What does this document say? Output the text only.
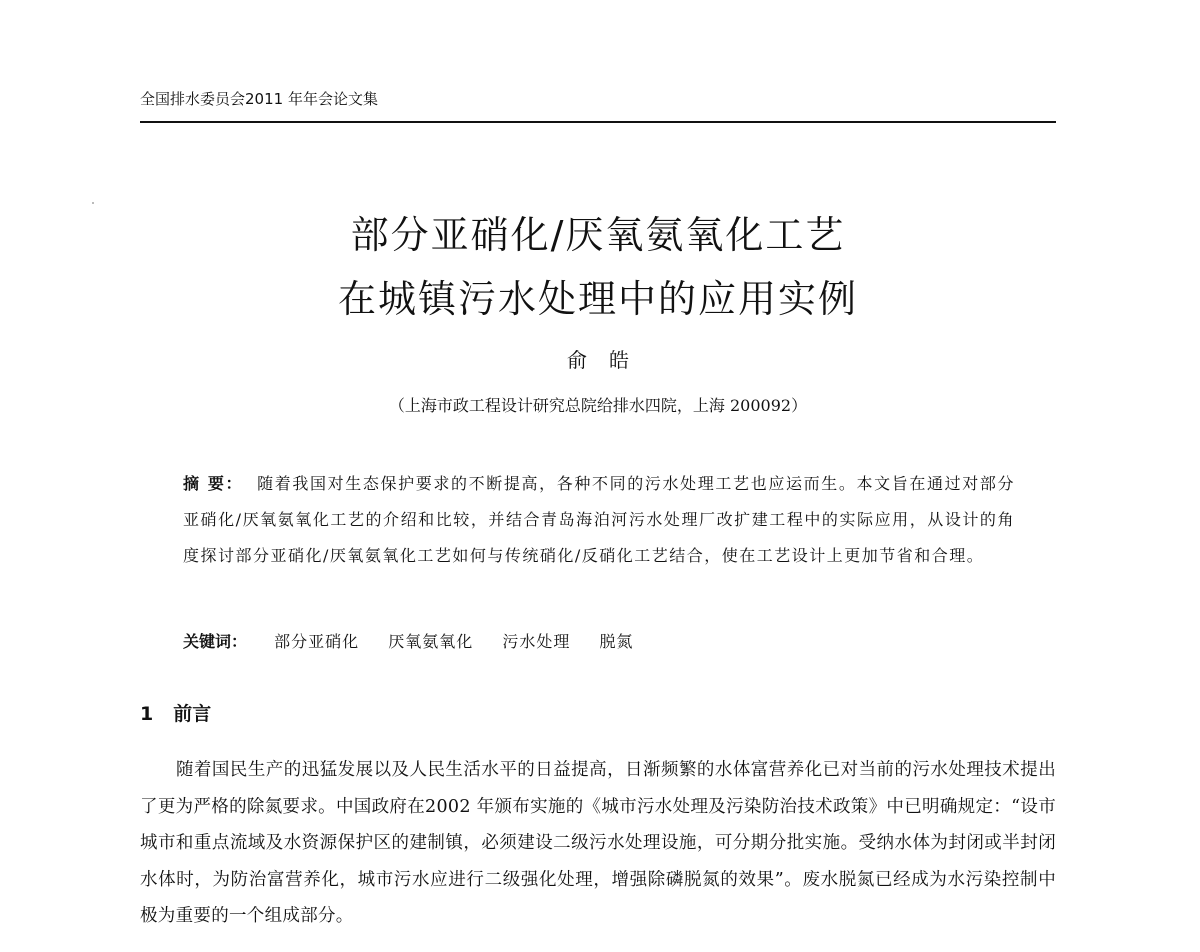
全国排水委员会2011 年年会论文集
部分亚硝化/厌氧氨氧化工艺
在城镇污水处理中的应用实例
俞皓
（上海市政工程设计研究总院给排水四院，上海 200092）
摘 要： 随着我国对生态保护要求的不断提高，各种不同的污水处理工艺也应运而生。本文旨在通过对部分亚硝化/厌氧氨氧化工艺的介绍和比较，并结合青岛海泊河污水处理厂改扩建工程中的实际应用，从设计的角度探讨部分亚硝化/厌氧氨氧化工艺如何与传统硝化/反硝化工艺结合，使在工艺设计上更加节省和合理。
关键词： 部分亚硝化 厌氧氨氧化 污水处理 脱氮
1 前言
随着国民生产的迅猛发展以及人民生活水平的日益提高，日渐频繁的水体富营养化已对当前的污水处理技术提出了更为严格的除氮要求。中国政府在2002 年颁布实施的《城市污水处理及污染防治技术政策》中已明确规定：“设市城市和重点流域及水资源保护区的建制镇，必须建设二级污水处理设施，可分期分批实施。受纳水体为封闭或半封闭水体时，为防治富营养化，城市污水应进行二级强化处理，增强除磷脱氮的效果”。废水脱氮已经成为水污染控制中极为重要的一个组成部分。
